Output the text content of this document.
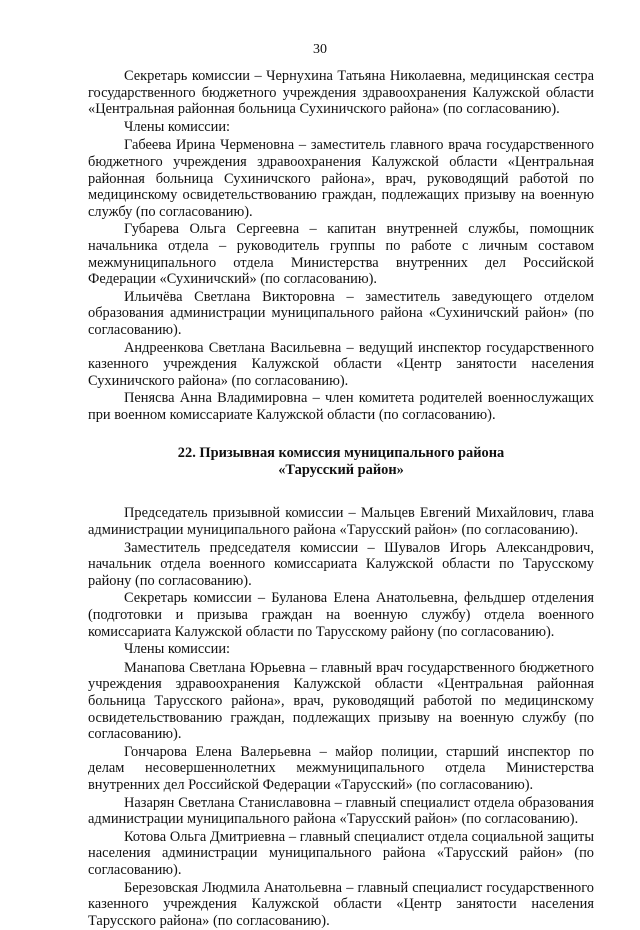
30

Секретарь комиссии – Чернухина Татьяна Николаевна, медицинская сестра государственного бюджетного учреждения здравоохранения Калужской области «Центральная районная больница Сухиничского района» (по согласованию).

Члены комиссии:

Габеева Ирина Черменовна – заместитель главного врача государственного бюджетного учреждения здравоохранения Калужской области «Центральная районная больница Сухиничского района», врач, руководящий работой по медицинскому освидетельствованию граждан, подлежащих призыву на военную службу (по согласованию).

Губарева Ольга Сергеевна – капитан внутренней службы, помощник начальника отдела – руководитель группы по работе с личным составом межмуниципального отдела Министерства внутренних дел Российской Федерации «Сухиничский» (по согласованию).

Ильичёва Светлана Викторовна – заместитель заведующего отделом образования администрации муниципального района «Сухиничский район» (по согласованию).

Андреенкова Светлана Васильевна – ведущий инспектор государственного казенного учреждения Калужской области «Центр занятости населения Сухиничского района» (по согласованию).

Пенясва Анна Владимировна – член комитета родителей военнослужащих при военном комиссариате Калужской области (по согласованию).

22. Призывная комиссия муниципального района
«Тарусский район»

Председатель призывной комиссии – Мальцев Евгений Михайлович, глава администрации муниципального района «Тарусский район» (по согласованию).

Заместитель председателя комиссии – Шувалов Игорь Александрович, начальник отдела военного комиссариата Калужской области по Тарусскому району (по согласованию).

Секретарь комиссии – Буланова Елена Анатольевна, фельдшер отделения (подготовки и призыва граждан на военную службу) отдела военного комиссариата Калужской области по Тарусскому району (по согласованию).

Члены комиссии:

Манапова Светлана Юрьевна – главный врач государственного бюджетного учреждения здравоохранения Калужской области «Центральная районная больница Тарусского района», врач, руководящий работой по медицинскому освидетельствованию граждан, подлежащих призыву на военную службу (по согласованию).

Гончарова Елена Валерьевна – майор полиции, старший инспектор по делам несовершеннолетних межмуниципального отдела Министерства внутренних дел Российской Федерации «Тарусский» (по согласованию).

Назарян Светлана Станиславовна – главный специалист отдела образования администрации муниципального района «Тарусский район» (по согласованию).

Котова Ольга Дмитриевна – главный специалист отдела социальной защиты населения администрации муниципального района «Тарусский район» (по согласованию).

Березовская Людмила Анатольевна – главный специалист государственного казенного учреждения Калужской области «Центр занятости населения Тарусского района» (по согласованию).
